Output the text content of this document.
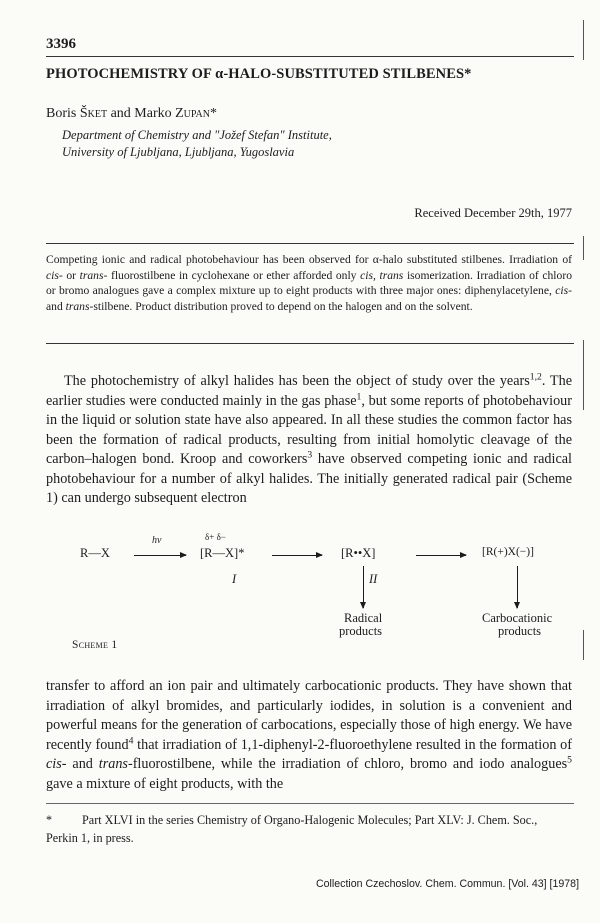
3396
PHOTOCHEMISTRY OF α-HALO-SUBSTITUTED STILBENES*
Boris Šket and Marko Zupan*
Department of Chemistry and "Jožef Stefan" Institute,
University of Ljubljana, Ljubljana, Yugoslavia
Received December 29th, 1977
Competing ionic and radical photobehaviour has been observed for α-halo substituted stilbenes. Irradiation of cis- or trans- fluorostilbene in cyclohexane or ether afforded only cis, trans isomerization. Irradiation of chloro or bromo analogues gave a complex mixture up to eight products with three major ones: diphenylacetylene, cis- and trans-stilbene. Product distribution proved to depend on the halogen and on the solvent.

The photochemistry of alkyl halides has been the object of study over the years$^{1,2}$. The earlier studies were conducted mainly in the gas phase$^1$, but some reports of photobehaviour in the liquid or solution state have also appeared. In all these studies the common factor has been the formation of radical products, resulting from initial homolytic cleavage of the carbon–halogen bond. Kroop and coworkers$^3$ have observed competing ionic and radical photobehaviour for a number of alkyl halides. The initially generated radical pair (Scheme 1) can undergo subsequent electron

R—X
hν	δ+ δ−
[R—X]*
I
[R••X]
II
Radical
products
[R(+)X(−)]
Carbocationic
products
Scheme 1

transfer to afford an ion pair and ultimately carbocationic products. They have shown that irradiation of alkyl bromides, and particularly iodides, in solution is a convenient and powerful means for the generation of carbocations, especially those of high energy. We have recently found$^4$ that irradiation of 1,1-diphenyl-2-fluoroethylene resulted in the formation of cis- and trans-fluorostilbene, while the irradiation of chloro, bromo and iodo analogues$^5$ gave a mixture of eight products, with the

* Part XLVI in the series Chemistry of Organo-Halogenic Molecules; Part XLV: J. Chem. Soc., Perkin 1, in press.
Collection Czechoslov. Chem. Commun. [Vol. 43] [1978]
